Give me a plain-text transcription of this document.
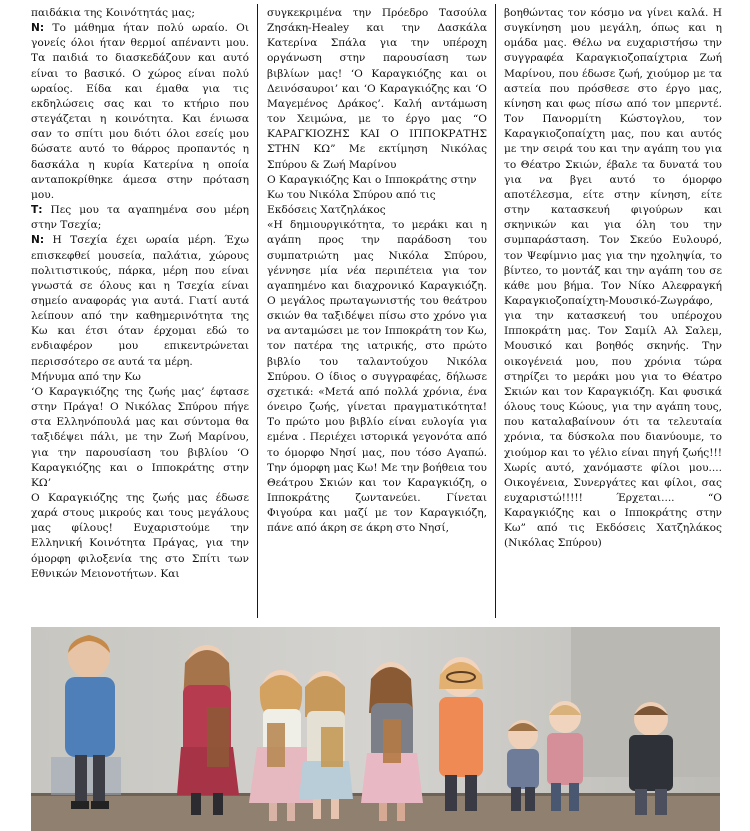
παιδάκια της Κοινότητάς μας;

Ν: Το μάθημα ήταν πολύ ωραίο. Οι γονείς όλοι ήταν θερμοί απέναντι μου. Τα παιδιά το διασκεδάζουν και αυτό είναι το βασικό. Ο χώρος είναι πολύ ωραίος. Είδα και έμαθα για τις εκδηλώσεις σας και το κτήριο που στεγάζεται η κοινότητα. Και ένιωσα σαν το σπίτι μου διότι όλοι εσείς μου δώσατε αυτό το θάρρος προπαντός η δασκάλα η κυρία Κατερίνα η οποία ανταποκρίθηκε άμεσα στην πρόταση μου.

Τ: Πες μου τα αγαπημένα σου μέρη στην Τσεχία;

Ν: Η Τσεχία έχει ωραία μέρη. Έχω επισκεφθεί μουσεία, παλάτια, χώρους πολιτιστικούς, πάρκα, μέρη που είναι γνωστά σε όλους και η Τσεχία είναι σημείο αναφοράς για αυτά. Γιατί αυτά λείπουν από την καθημερινότητα της Κω και έτσι όταν έρχομαι εδώ το ενδιαφέρον μου επικεντρώνεται περισσότερο σε αυτά τα μέρη.

Μήνυμα από την Κω

‘Ο Καραγκιόζης της ζωής μας’ έφτασε στην Πράγα! Ο Νικόλας Σπύρου πήγε στα Ελληνόπουλά μας και σύντομα θα ταξιδέψει πάλι, με την Ζωή Μαρίνου, για την παρουσίαση του βιβλίου ‘Ο Καραγκιόζης και ο Ιπποκράτης στην ΚΩ’

Ο Καραγκιόζης της ζωής μας έδωσε χαρά στους μικρούς και τους μεγάλους μας φίλους! Ευχαριστούμε την Ελληνική Κοινότητα Πράγας, για την όμορφη φιλοξενία της στο Σπίτι των Εθνικών Μειονοτήτων. Και

συγκεκριμένα την Πρόεδρο Τασούλα Ζησάκη-Healey και την Δασκάλα Κατερίνα Σπάλα για την υπέροχη οργάνωση στην παρουσίαση των βιβλίων μας! ‘Ο Καραγκιόζης και οι Δεινόσαυροι’ και ‘Ο Καραγκιόζης και ‘Ο Μαγεμένος Δράκος’. Καλή αντάμωση τον Χειμώνα, με το έργο μας “Ο ΚΑΡΑΓΚΙΟΖΗΣ ΚΑΙ Ο ΙΠΠΟΚΡΑΤΗΣ ΣΤΗΝ ΚΩ” Με εκτίμηση Νικόλας Σπύρου & Ζωή Μαρίνου

Ο Καραγκιόζης Και ο Ιπποκράτης στην Κω του Νικόλα Σπύρου από τις Εκδόσεις Χατζηλάκος

«Η δημιουργικότητα, το μεράκι και η αγάπη προς την παράδοση του συμπατριώτη μας Νικόλα Σπύρου, γέννησε μία νέα περιπέτεια για τον αγαπημένο και διαχρονικό Καραγκιόζη. Ο μεγάλος πρωταγωνιστής του θεάτρου σκιών θα ταξιδέψει πίσω στο χρόνο για να ανταμώσει με τον Ιπποκράτη τον Κω, τον πατέρα της ιατρικής, στο πρώτο βιβλίο του ταλαντούχου Νικόλα Σπύρου. Ο ίδιος ο συγγραφέας, δήλωσε σχετικά: «Μετά από πολλά χρόνια, ένα όνειρο ζωής, γίνεται πραγματικότητα! Το πρώτο μου βιβλίο είναι ευλογία για εμένα . Περιέχει ιστορικά γεγονότα από το όμορφο Νησί μας, που τόσο Αγαπώ. Την όμορφη μας Κω! Με την βοήθεια του Θεάτρου Σκιών και τον Καραγκιόζη, ο Ιπποκράτης ζωντανεύει. Γίνεται Φιγούρα και μαζί με τον Καραγκιόζη, πάνε από άκρη σε άκρη στο Νησί,

βοηθώντας τον κόσμο να γίνει καλά. Η συγκίνηση μου μεγάλη, όπως και η ομάδα μας. Θέλω να ευχαριστήσω την συγγραφέα Καραγκιοζοπαίχτρια Ζωή Μαρίνου, που έδωσε ζωή, χιούμορ με τα αστεία που πρόσθεσε στο έργο μας, κίνηση και φως πίσω από τον μπερντέ. Τον Πανορμίτη Κώστογλου, τον Καραγκιοζοπαίχτη μας, που και αυτός με την σειρά του και την αγάπη του για το Θέατρο Σκιών, έβαλε τα δυνατά του για να βγει αυτό το όμορφο αποτέλεσμα, είτε στην κίνηση, είτε στην κατασκευή φιγούρων και σκηνικών και για όλη του την συμπαράσταση. Τον Σκεύο Ευλουρό, τον Ψεφίμνιο μας για την ηχοληψία, το βίντεο, το μοντάζ και την αγάπη του σε κάθε μου βήμα. Τον Νίκο Αλεφραγκή Καραγκιοζοπαίχτη-Μουσικό-Ζωγράφο, για την κατασκευή του υπέροχου Ιπποκράτη μας. Τον Σαμίλ Αλ Σαλεμ, Μουσικό και βοηθός σκηνής. Την οικογένειά μου, που χρόνια τώρα στηρίζει το μεράκι μου για το Θέατρο Σκιών και τον Καραγκιόζη. Και φυσικά όλους τους Κώους, για την αγάπη τους, που καταλαβαίνουν ότι τα τελευταία χρόνια, τα δύσκολα που διανύουμε, το χιούμορ και το γέλιο είναι πηγή ζωής!!! Χωρίς αυτό, χανόμαστε φίλοι μου.... Οικογένεια, Συνεργάτες και φίλοι, σας ευχαριστώ!!!!! Έρχεται.... “Ο Καραγκιόζης και ο Ιπποκράτης στην Κω” από τις Εκδόσεις Χατζηλάκος (Νικόλας Σπύρου)
